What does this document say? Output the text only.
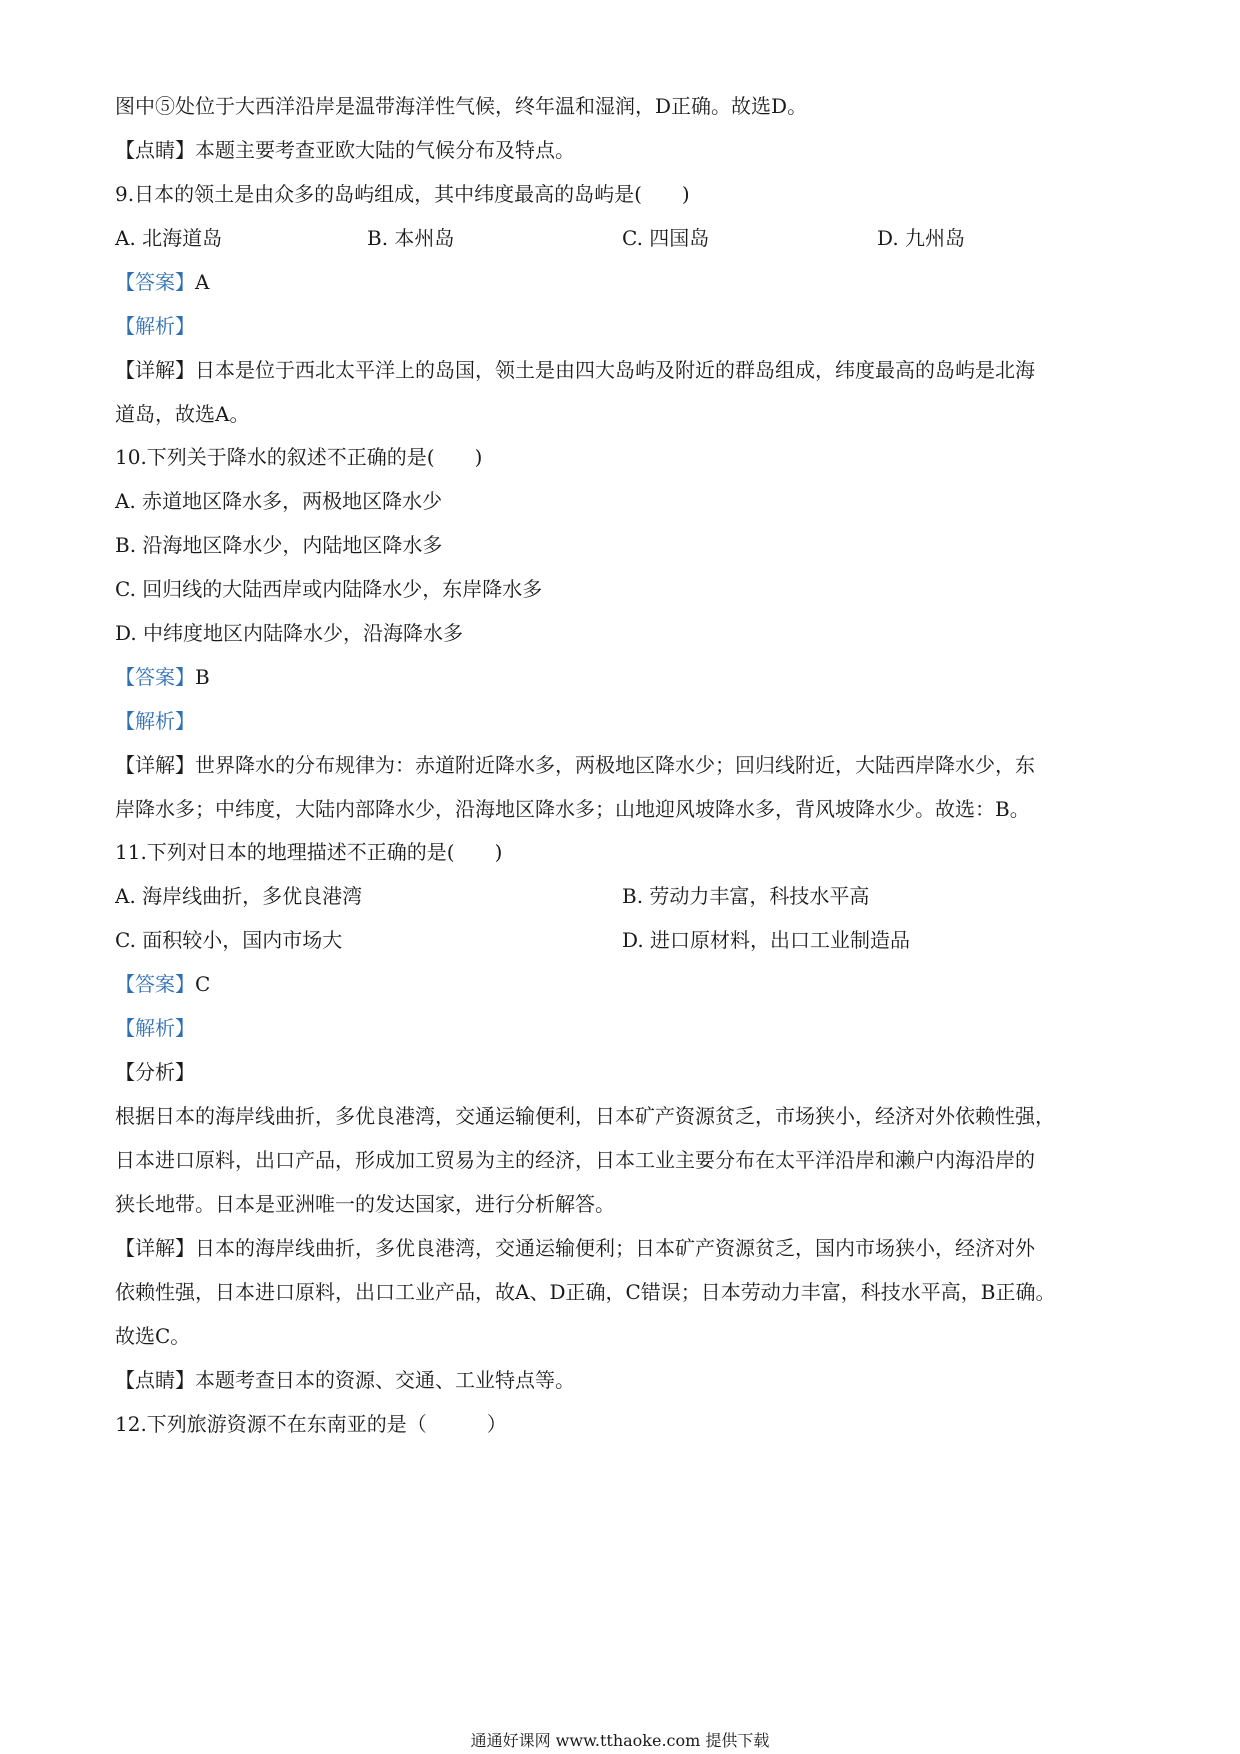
图中⑤处位于大西洋沿岸是温带海洋性气候，终年温和湿润，D正确。故选D。
【点睛】本题主要考查亚欧大陆的气候分布及特点。
9.日本的领土是由众多的岛屿组成，其中纬度最高的岛屿是(　　)
A. 北海道岛	B. 本州岛	C. 四国岛	D. 九州岛
【答案】A
【解析】
【详解】日本是位于西北太平洋上的岛国，领土是由四大岛屿及附近的群岛组成，纬度最高的岛屿是北海
道岛，故选A。
10.下列关于降水的叙述不正确的是(　　)
A. 赤道地区降水多，两极地区降水少
B. 沿海地区降水少，内陆地区降水多
C. 回归线的大陆西岸或内陆降水少，东岸降水多
D. 中纬度地区内陆降水少，沿海降水多
【答案】B
【解析】
【详解】世界降水的分布规律为：赤道附近降水多，两极地区降水少；回归线附近，大陆西岸降水少，东
岸降水多；中纬度，大陆内部降水少，沿海地区降水多；山地迎风坡降水多，背风坡降水少。故选：B。
11.下列对日本的地理描述不正确的是(　　)
A. 海岸线曲折，多优良港湾	B. 劳动力丰富，科技水平高
C. 面积较小，国内市场大	D. 进口原材料，出口工业制造品
【答案】C
【解析】
【分析】
根据日本的海岸线曲折，多优良港湾，交通运输便利，日本矿产资源贫乏，市场狭小，经济对外依赖性强，
日本进口原料，出口产品，形成加工贸易为主的经济，日本工业主要分布在太平洋沿岸和濑户内海沿岸的
狭长地带。日本是亚洲唯一的发达国家，进行分析解答。
【详解】日本的海岸线曲折，多优良港湾，交通运输便利；日本矿产资源贫乏，国内市场狭小，经济对外
依赖性强，日本进口原料，出口工业产品，故A、D正确，C错误；日本劳动力丰富，科技水平高，B正确。
故选C。
【点睛】本题考查日本的资源、交通、工业特点等。
12.下列旅游资源不在东南亚的是（　　　）
通通好课网 www.tthaoke.com 提供下载
